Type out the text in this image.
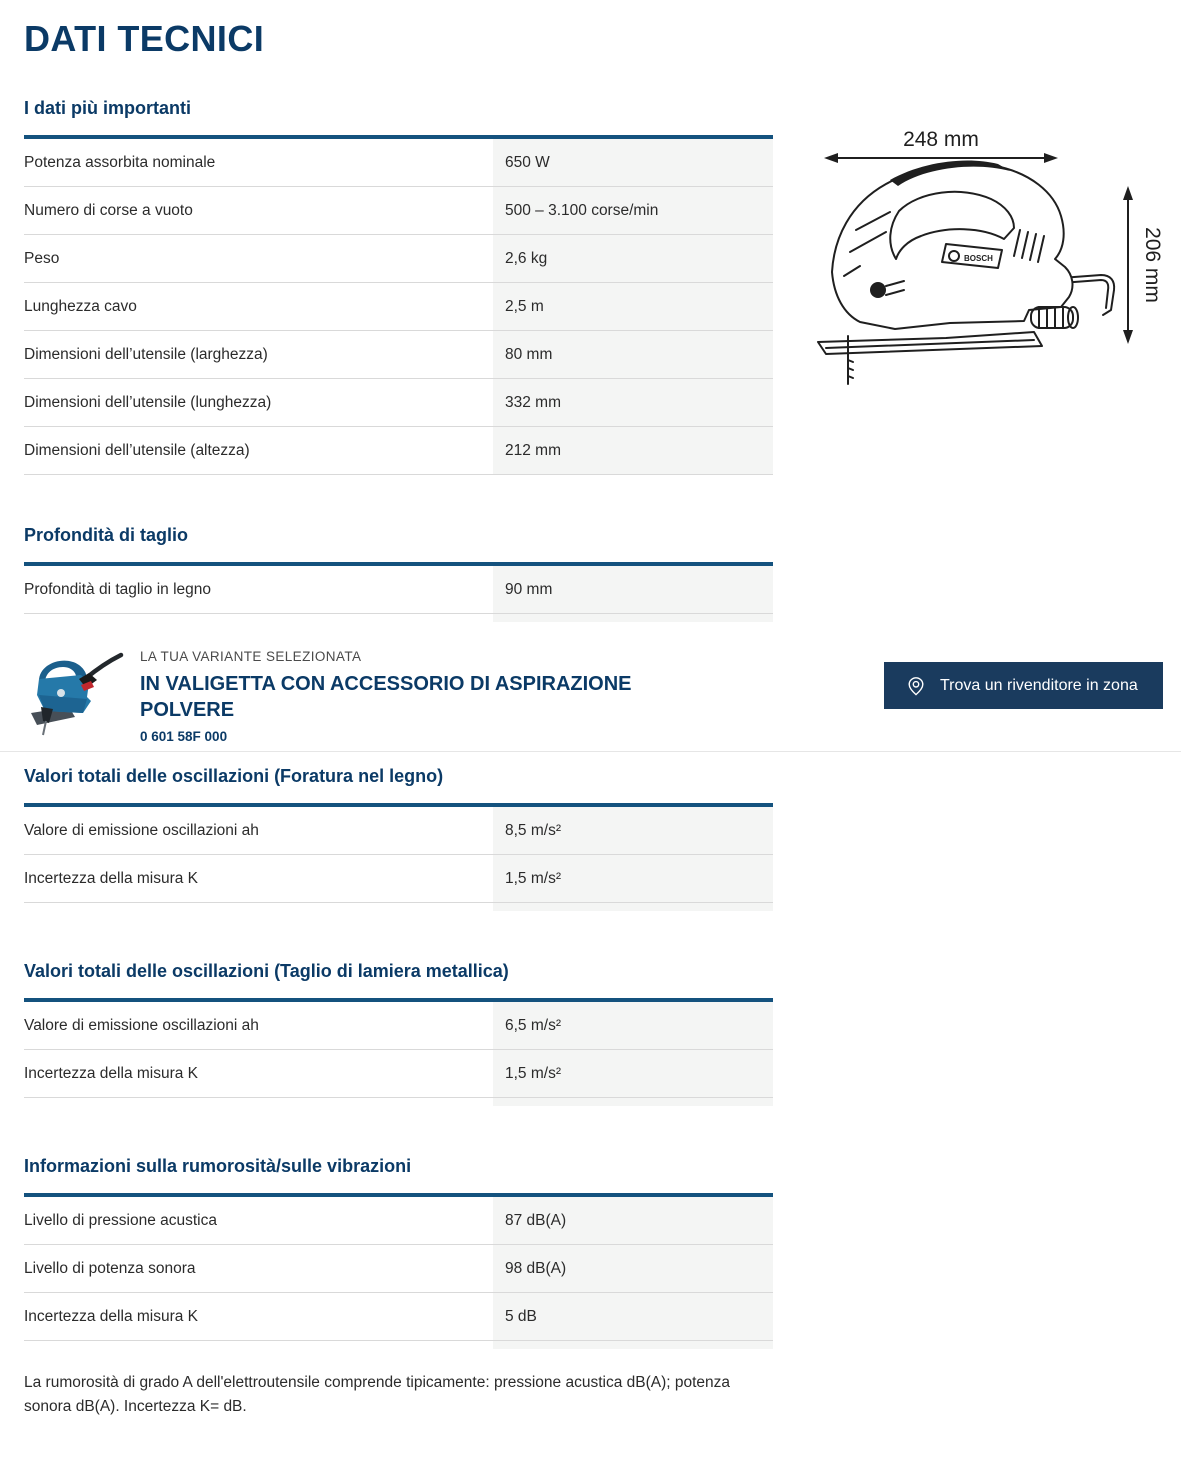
DATI TECNICI
I dati più importanti
Potenza assorbita nominale	650 W
Numero di corse a vuoto	500 – 3.100 corse/min
Peso	2,6 kg
Lunghezza cavo	2,5 m
Dimensioni dell’utensile (larghezza)	80 mm
Dimensioni dell’utensile (lunghezza)	332 mm
Dimensioni dell’utensile (altezza)	212 mm
Profondità di taglio
Profondità di taglio in legno	90 mm
LA TUA VARIANTE SELEZIONATA
IN VALIGETTA CON ACCESSORIO DI ASPIRAZIONE POLVERE
0 601 58F 000
Trova un rivenditore in zona
Valori totali delle oscillazioni (Foratura nel legno)
Valore di emissione oscillazioni ah	8,5 m/s²
Incertezza della misura K	1,5 m/s²
Valori totali delle oscillazioni (Taglio di lamiera metallica)
Valore di emissione oscillazioni ah	6,5 m/s²
Incertezza della misura K	1,5 m/s²
Informazioni sulla rumorosità/sulle vibrazioni
Livello di pressione acustica	87 dB(A)
Livello di potenza sonora	98 dB(A)
Incertezza della misura K	5 dB

La rumorosità di grado A dell'elettroutensile comprende tipicamente: pressione acustica dB(A); potenza sonora dB(A). Incertezza K= dB.

248 mm
206 mm
BOSCH
